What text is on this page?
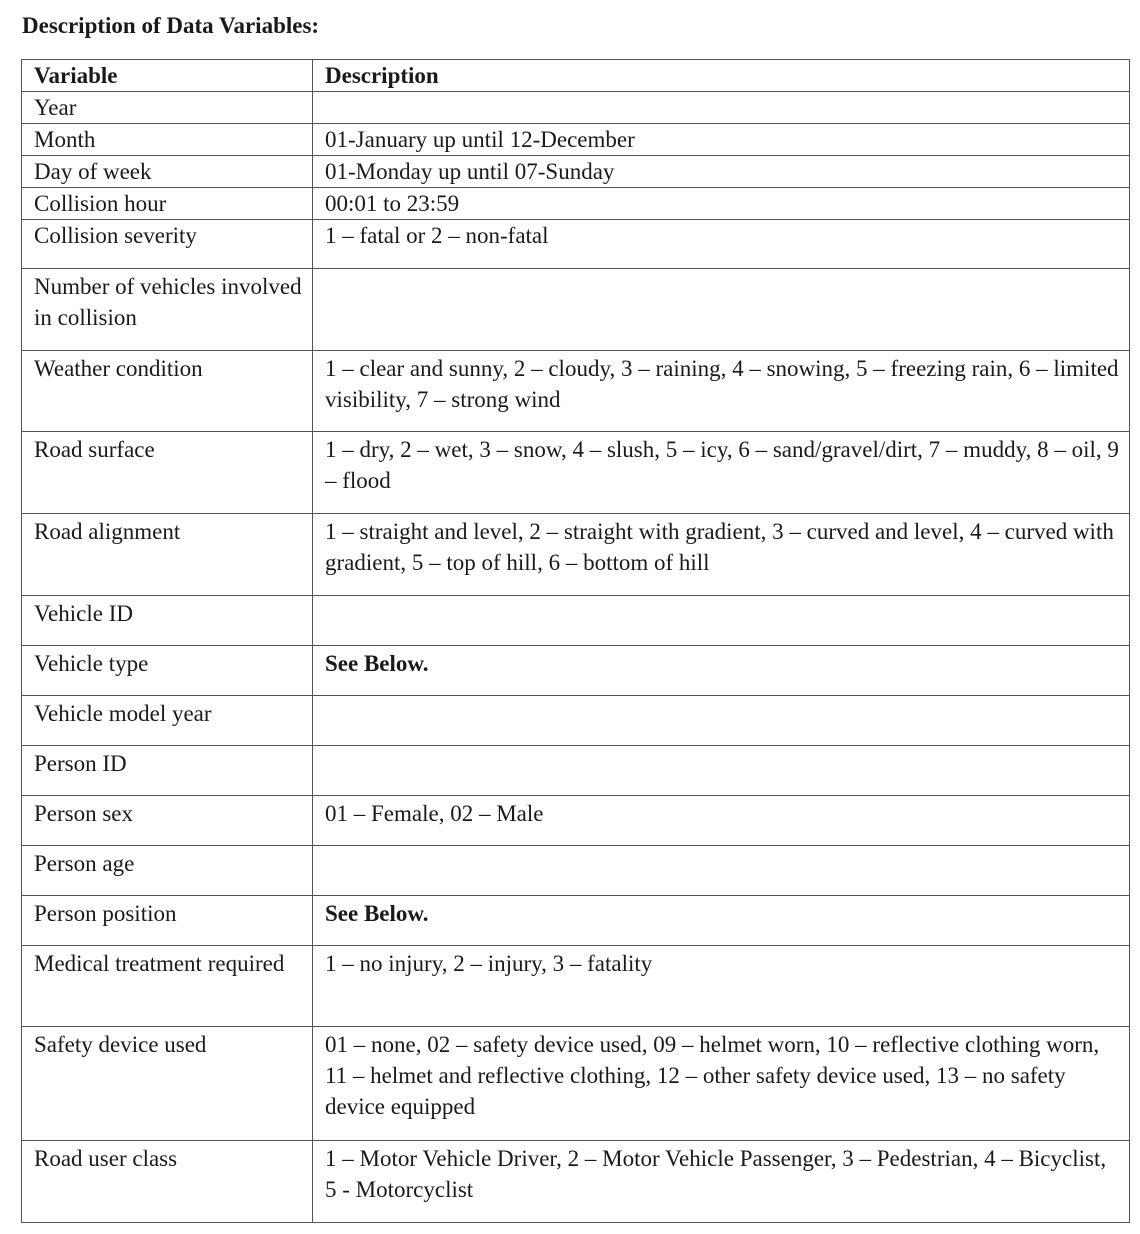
Description of Data Variables:
Variable	Description
Year	
Month	01-January up until 12-December
Day of week	01-Monday up until 07-Sunday
Collision hour	00:01 to 23:59
Collision severity	1 – fatal or 2 – non-fatal
Number of vehicles involved in collision	
Weather condition	1 – clear and sunny, 2 – cloudy, 3 – raining, 4 – snowing, 5 – freezing rain, 6 – limited visibility, 7 – strong wind
Road surface	1 – dry, 2 – wet, 3 – snow, 4 – slush, 5 – icy, 6 – sand/gravel/dirt, 7 – muddy, 8 – oil, 9 – flood
Road alignment	1 – straight and level, 2 – straight with gradient, 3 – curved and level, 4 – curved with gradient, 5 – top of hill, 6 – bottom of hill
Vehicle ID	
Vehicle type	See Below.
Vehicle model year	
Person ID	
Person sex	01 – Female, 02 – Male
Person age	
Person position	See Below.
Medical treatment required	1 – no injury, 2 – injury, 3 – fatality
Safety device used	01 – none, 02 – safety device used, 09 – helmet worn, 10 – reflective clothing worn, 11 – helmet and reflective clothing, 12 – other safety device used, 13 – no safety device equipped
Road user class	1 – Motor Vehicle Driver, 2 – Motor Vehicle Passenger, 3 – Pedestrian, 4 – Bicyclist, 5 - Motorcyclist
